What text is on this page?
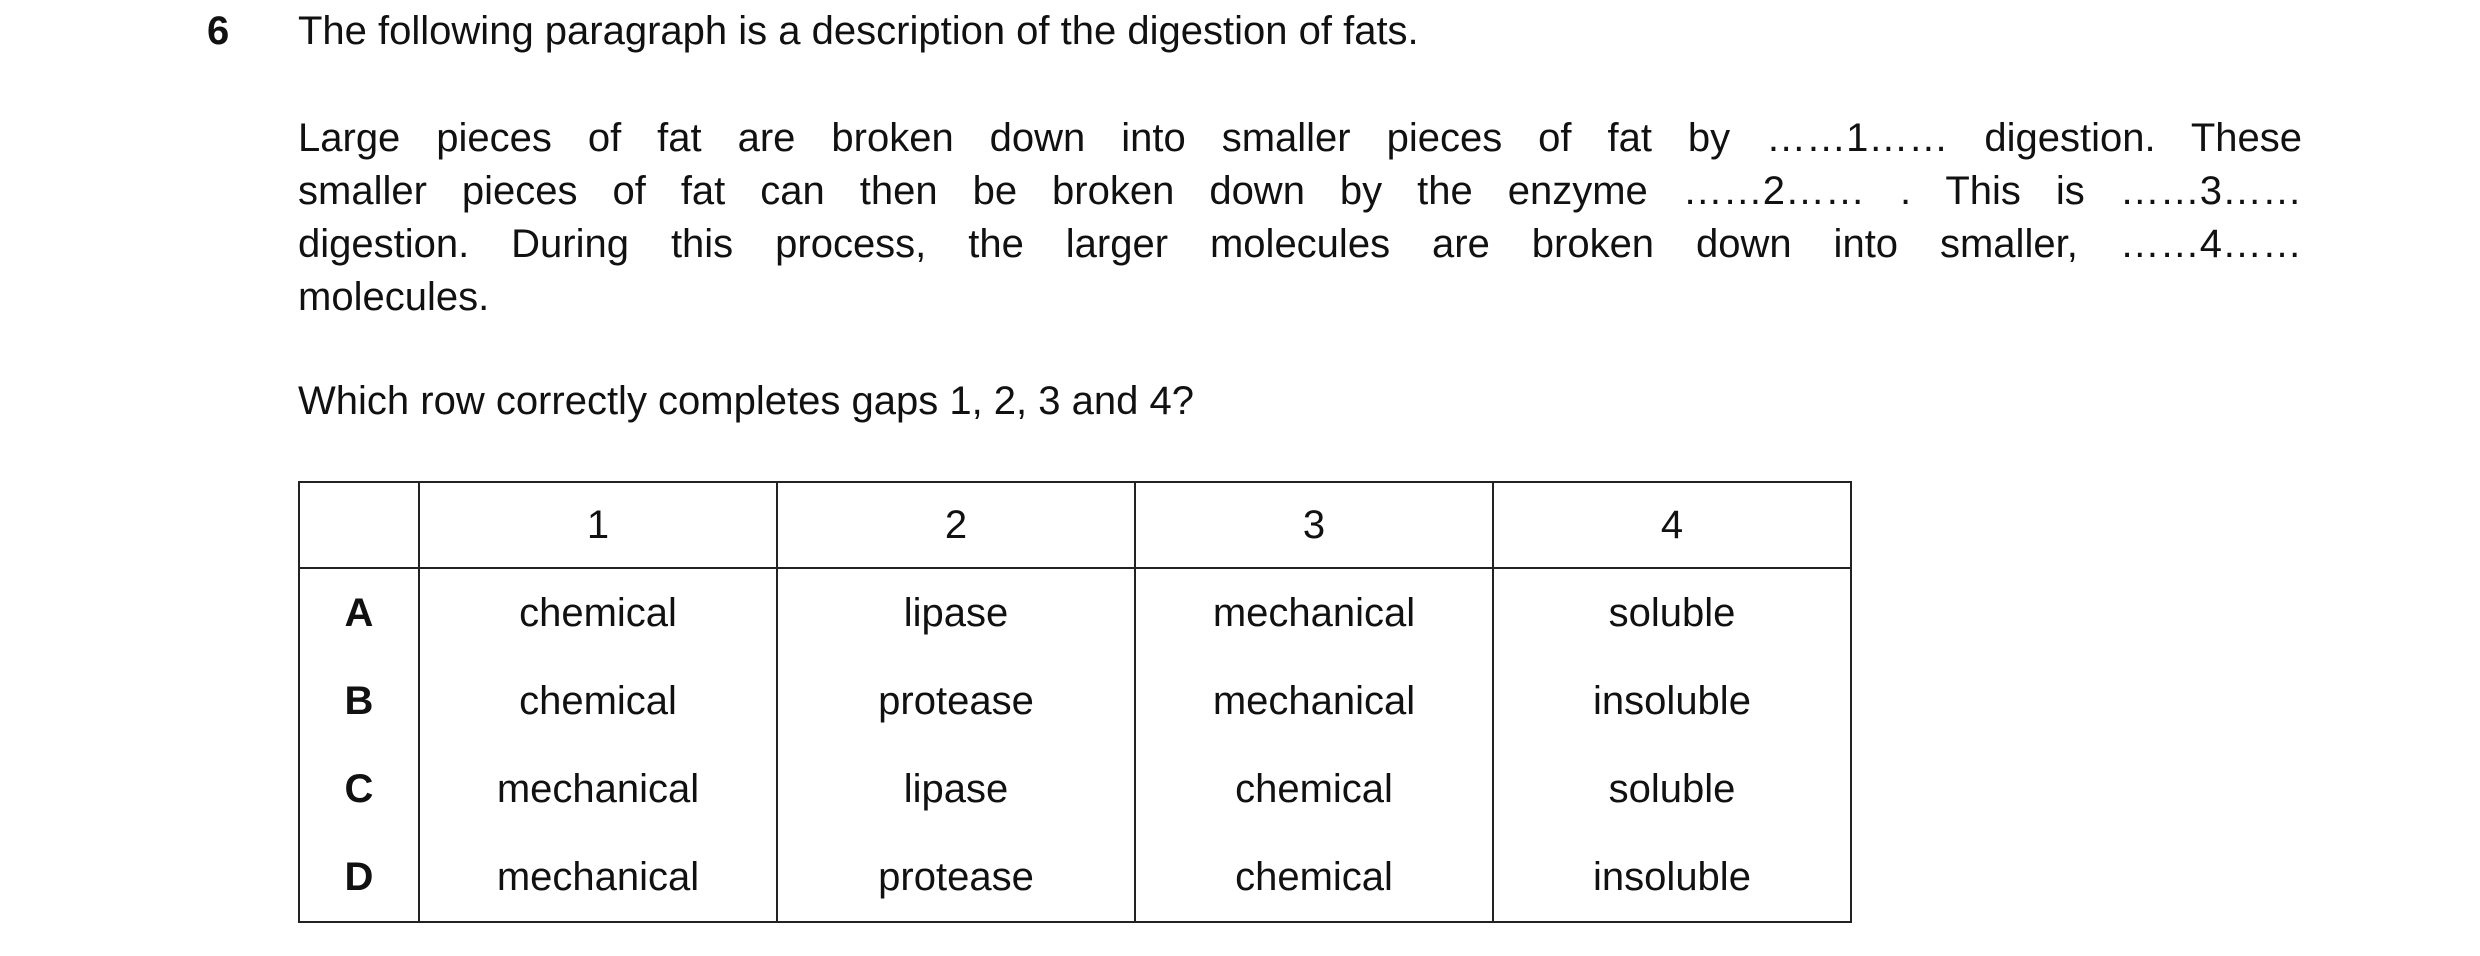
6 The following paragraph is a description of the digestion of fats.
Large pieces of fat are broken down into smaller pieces of fat by ……1…… digestion. These
smaller pieces of fat can then be broken down by the enzyme ……2…… . This is ……3……
digestion. During this process, the larger molecules are broken down into smaller, ……4……
molecules.
Which row correctly completes gaps 1, 2, 3 and 4?
	1	2	3	4
A	chemical	lipase	mechanical	soluble
B	chemical	protease	mechanical	insoluble
C	mechanical	lipase	chemical	soluble
D	mechanical	protease	chemical	insoluble
